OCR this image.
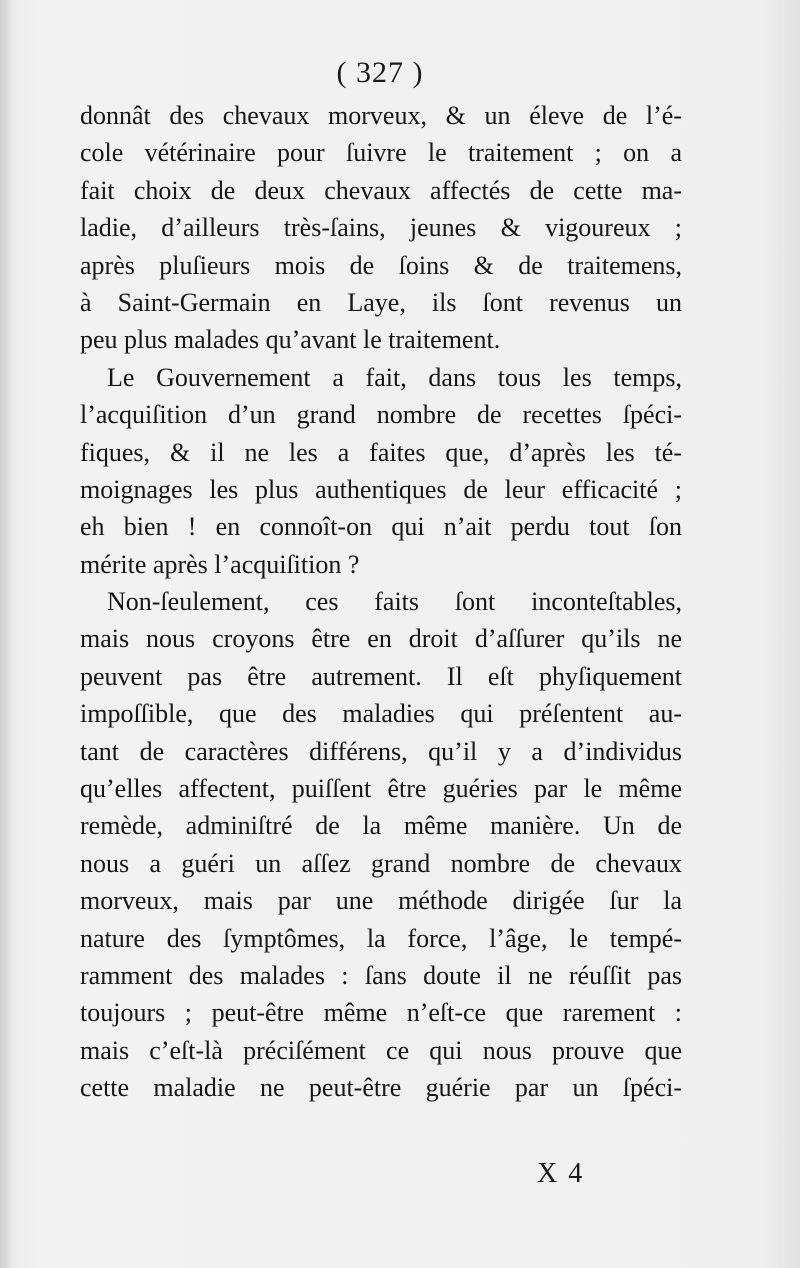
( 327 )
donnât des chevaux morveux, & un éleve de l’é-
cole vétérinaire pour ſuivre le traitement ; on a
fait choix de deux chevaux affectés de cette ma-
ladie, d’ailleurs très-ſains, jeunes & vigoureux ;
après pluſieurs mois de ſoins & de traitemens,
à Saint-Germain en Laye, ils ſont revenus un
peu plus malades qu’avant le traitement.
Le Gouvernement a fait, dans tous les temps,
l’acquiſition d’un grand nombre de recettes ſpéci-
fiques, & il ne les a faites que, d’après les té-
moignages les plus authentiques de leur efficacité ;
eh bien ! en connoît-on qui n’ait perdu tout ſon
mérite après l’acquiſition ?
Non-ſeulement, ces faits ſont inconteſtables,
mais nous croyons être en droit d’aſſurer qu’ils ne
peuvent pas être autrement. Il eſt phyſiquement
impoſſible, que des maladies qui préſentent au-
tant de caractères différens, qu’il y a d’individus
qu’elles affectent, puiſſent être guéries par le même
remède, adminiſtré de la même manière. Un de
nous a guéri un aſſez grand nombre de chevaux
morveux, mais par une méthode dirigée ſur la
nature des ſymptômes, la force, l’âge, le tempé-
ramment des malades : ſans doute il ne réuſſit pas
toujours ; peut-être même n’eſt-ce que rarement :
mais c’eſt-là préciſément ce qui nous prouve que
cette maladie ne peut-être guérie par un ſpéci-
X 4
